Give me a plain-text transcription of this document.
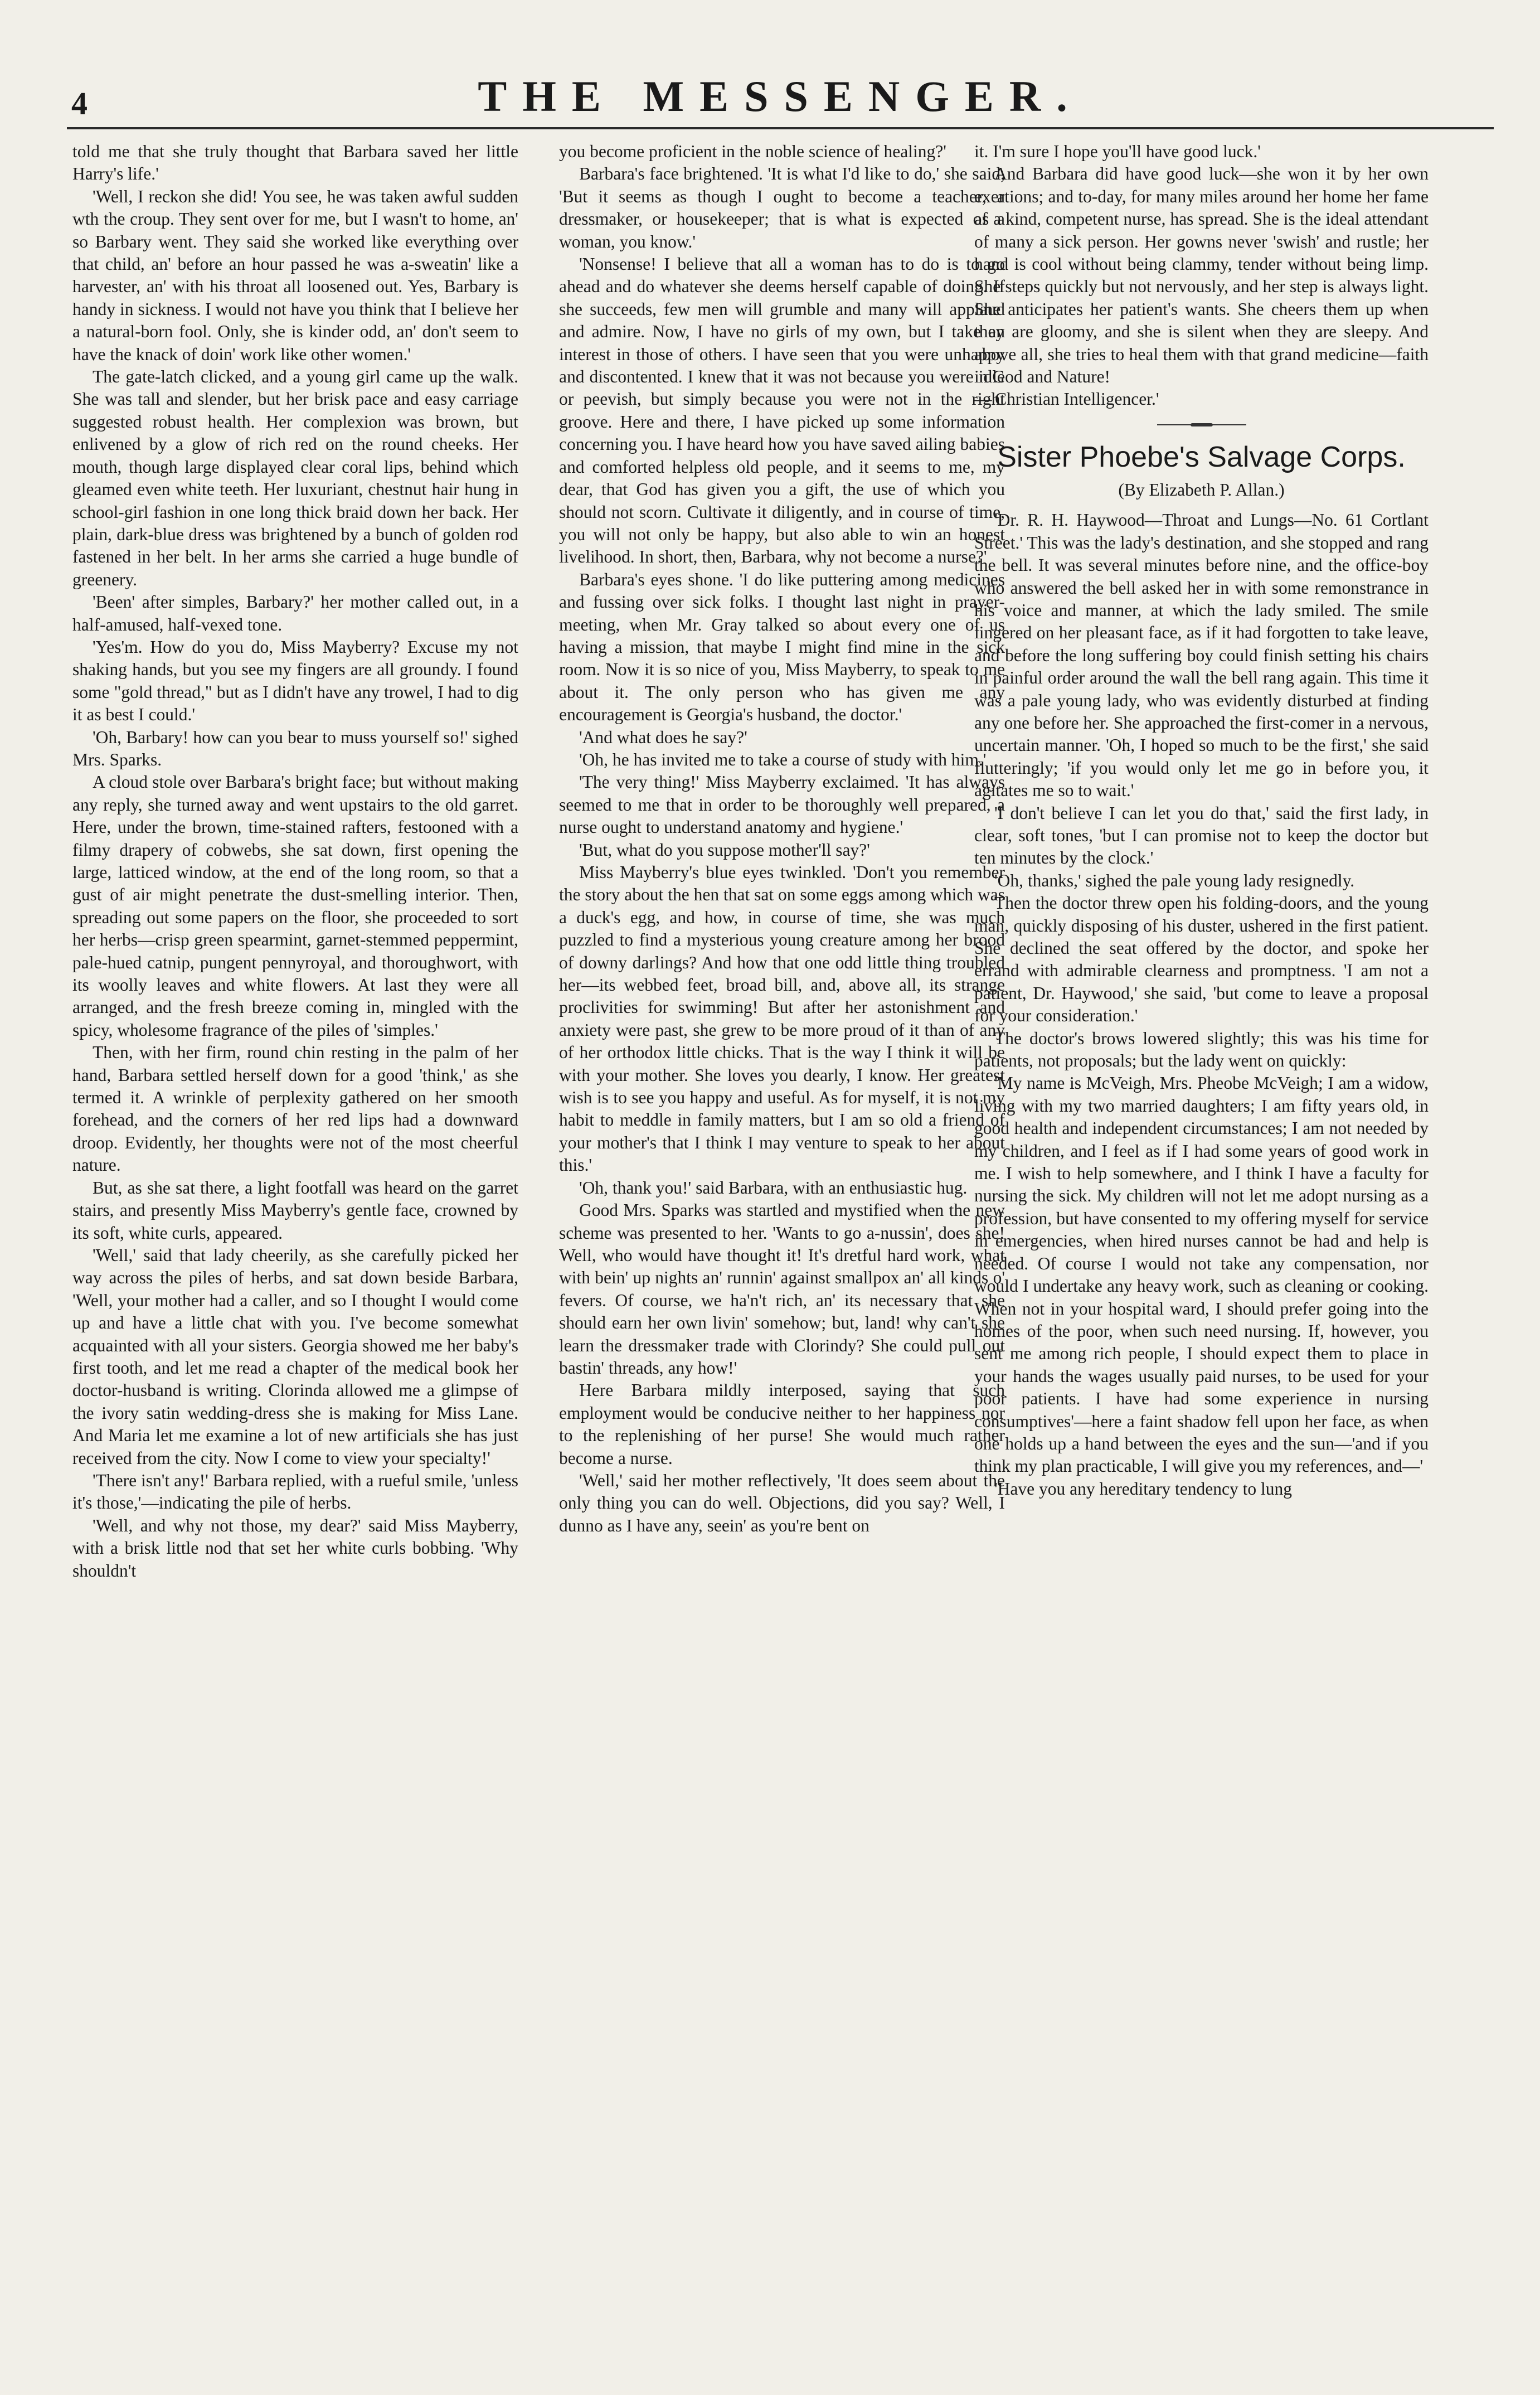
4	THE MESSENGER.

told me that she truly thought that Barbara saved her little Harry's life.'

'Well, I reckon she did! You see, he was taken awful sudden wth the croup. They sent over for me, but I wasn't to home, an' so Barbary went. They said she worked like everything over that child, an' before an hour passed he was a-sweatin' like a harvester, an' with his throat all loosened out. Yes, Barbary is handy in sickness. I would not have you think that I believe her a natural-born fool. Only, she is kinder odd, an' don't seem to have the knack of doin' work like other women.'

The gate-latch clicked, and a young girl came up the walk. She was tall and slender, but her brisk pace and easy carriage suggested robust health. Her complexion was brown, but enlivened by a glow of rich red on the round cheeks. Her mouth, though large displayed clear coral lips, behind which gleamed even white teeth. Her luxuriant, chestnut hair hung in school-girl fashion in one long thick braid down her back. Her plain, dark-blue dress was brightened by a bunch of golden rod fastened in her belt. In her arms she carried a huge bundle of greenery.

'Been' after simples, Barbary?' her mother called out, in a half-amused, half-vexed tone.

'Yes'm. How do you do, Miss Mayberry? Excuse my not shaking hands, but you see my fingers are all groundy. I found some "gold thread," but as I didn't have any trowel, I had to dig it as best I could.'

'Oh, Barbary! how can you bear to muss yourself so!' sighed Mrs. Sparks.

A cloud stole over Barbara's bright face; but without making any reply, she turned away and went upstairs to the old garret. Here, under the brown, time-stained rafters, festooned with a filmy drapery of cobwebs, she sat down, first opening the large, latticed window, at the end of the long room, so that a gust of air might penetrate the dust-smelling interior. Then, spreading out some papers on the floor, she proceeded to sort her herbs—crisp green spearmint, garnet-stemmed peppermint, pale-hued catnip, pungent pennyroyal, and thoroughwort, with its woolly leaves and white flowers. At last they were all arranged, and the fresh breeze coming in, mingled with the spicy, wholesome fragrance of the piles of 'simples.'

Then, with her firm, round chin resting in the palm of her hand, Barbara settled herself down for a good 'think,' as she termed it. A wrinkle of perplexity gathered on her smooth forehead, and the corners of her red lips had a downward droop. Evidently, her thoughts were not of the most cheerful nature.

But, as she sat there, a light footfall was heard on the garret stairs, and presently Miss Mayberry's gentle face, crowned by its soft, white curls, appeared.

'Well,' said that lady cheerily, as she carefully picked her way across the piles of herbs, and sat down beside Barbara, 'Well, your mother had a caller, and so I thought I would come up and have a little chat with you. I've become somewhat acquainted with all your sisters. Georgia showed me her baby's first tooth, and let me read a chapter of the medical book her doctor-husband is writing. Clorinda allowed me a glimpse of the ivory satin wedding-dress she is making for Miss Lane. And Maria let me examine a lot of new artificials she has just received from the city. Now I come to view your specialty!'

'There isn't any!' Barbara replied, with a rueful smile, 'unless it's those,'—indicating the pile of herbs.

'Well, and why not those, my dear?' said Miss Mayberry, with a brisk little nod that set her white curls bobbing. 'Why shouldn't

you become proficient in the noble science of healing?'

Barbara's face brightened. 'It is what I'd like to do,' she said, 'But it seems as though I ought to become a teacher, a dressmaker, or housekeeper; that is what is expected of a woman, you know.'

'Nonsense! I believe that all a woman has to do is to go ahead and do whatever she deems herself capable of doing. If she succeeds, few men will grumble and many will applaud and admire. Now, I have no girls of my own, but I take an interest in those of others. I have seen that you were unhappy and discontented. I knew that it was not because you were idle or peevish, but simply because you were not in the right groove. Here and there, I have picked up some information concerning you. I have heard how you have saved ailing babies and comforted helpless old people, and it seems to me, my dear, that God has given you a gift, the use of which you should not scorn. Cultivate it diligently, and in course of time, you will not only be happy, but also able to win an honest livelihood. In short, then, Barbara, why not become a nurse?'

Barbara's eyes shone. 'I do like puttering among medicines and fussing over sick folks. I thought last night in prayer-meeting, when Mr. Gray talked so about every one of us having a mission, that maybe I might find mine in the sick room. Now it is so nice of you, Miss Mayberry, to speak to me about it. The only person who has given me any encouragement is Georgia's husband, the doctor.'

'And what does he say?'

'Oh, he has invited me to take a course of study with him.'

'The very thing!' Miss Mayberry exclaimed. 'It has always seemed to me that in order to be thoroughly well prepared, a nurse ought to understand anatomy and hygiene.'

'But, what do you suppose mother'll say?'

Miss Mayberry's blue eyes twinkled. 'Don't you remember the story about the hen that sat on some eggs among which was a duck's egg, and how, in course of time, she was much puzzled to find a mysterious young creature among her brood of downy darlings? And how that one odd little thing troubled her—its webbed feet, broad bill, and, above all, its strange proclivities for swimming! But after her astonishment and anxiety were past, she grew to be more proud of it than of any of her orthodox little chicks. That is the way I think it will be with your mother. She loves you dearly, I know. Her greatest wish is to see you happy and useful. As for myself, it is not my habit to meddle in family matters, but I am so old a friend of your mother's that I think I may venture to speak to her about this.'

'Oh, thank you!' said Barbara, with an enthusiastic hug.

Good Mrs. Sparks was startled and mystified when the new scheme was presented to her. 'Wants to go a-nussin', does she! Well, who would have thought it! It's dretful hard work, what with bein' up nights an' runnin' against smallpox an' all kinds o' fevers. Of course, we ha'n't rich, an' its necessary that she should earn her own livin' somehow; but, land! why can't she learn the dressmaker trade with Clorindy? She could pull out bastin' threads, any how!'

Here Barbara mildly interposed, saying that such employment would be conducive neither to her happiness nor to the replenishing of her purse! She would much rather become a nurse.

'Well,' said her mother reflectively, 'It does seem about the only thing you can do well. Objections, did you say? Well, I dunno as I have any, seein' as you're bent on

it. I'm sure I hope you'll have good luck.'

And Barbara did have good luck—she won it by her own exertions; and to-day, for many miles around her home her fame as a kind, competent nurse, has spread. She is the ideal attendant of many a sick person. Her gowns never 'swish' and rustle; her hand is cool without being clammy, tender without being limp. She steps quickly but not nervously, and her step is always light. She anticipates her patient's wants. She cheers them up when they are gloomy, and she is silent when they are sleepy. And above all, she tries to heal them with that grand medicine—faith in God and Nature!

—'Christian Intelligencer.'

Sister Phoebe's Salvage Corps.
(By Elizabeth P. Allan.)

'Dr. R. H. Haywood—Throat and Lungs—No. 61 Cortlant Street.' This was the lady's destination, and she stopped and rang the bell. It was several minutes before nine, and the office-boy who answered the bell asked her in with some remonstrance in his voice and manner, at which the lady smiled. The smile lingered on her pleasant face, as if it had forgotten to take leave, and before the long suffering boy could finish setting his chairs in painful order around the wall the bell rang again. This time it was a pale young lady, who was evidently disturbed at finding any one before her. She approached the first-comer in a nervous, uncertain manner. 'Oh, I hoped so much to be the first,' she said flutteringly; 'if you would only let me go in before you, it agitates me so to wait.'

'I don't believe I can let you do that,' said the first lady, in clear, soft tones, 'but I can promise not to keep the doctor but ten minutes by the clock.'

'Oh, thanks,' sighed the pale young lady resignedly.

Then the doctor threw open his folding-doors, and the young man, quickly disposing of his duster, ushered in the first patient. She declined the seat offered by the doctor, and spoke her errand with admirable clearness and promptness. 'I am not a patient, Dr. Haywood,' she said, 'but come to leave a proposal for your consideration.'

The doctor's brows lowered slightly; this was his time for patients, not proposals; but the lady went on quickly:

'My name is McVeigh, Mrs. Pheobe McVeigh; I am a widow, living with my two married daughters; I am fifty years old, in good health and independent circumstances; I am not needed by my children, and I feel as if I had some years of good work in me. I wish to help somewhere, and I think I have a faculty for nursing the sick. My children will not let me adopt nursing as a profession, but have consented to my offering myself for service in emergencies, when hired nurses cannot be had and help is needed. Of course I would not take any compensation, nor would I undertake any heavy work, such as cleaning or cooking. When not in your hospital ward, I should prefer going into the homes of the poor, when such need nursing. If, however, you sent me among rich people, I should expect them to place in your hands the wages usually paid nurses, to be used for your poor patients. I have had some experience in nursing consumptives'—here a faint shadow fell upon her face, as when one holds up a hand between the eyes and the sun—'and if you think my plan practicable, I will give you my references, and—'

'Have you any hereditary tendency to lung
